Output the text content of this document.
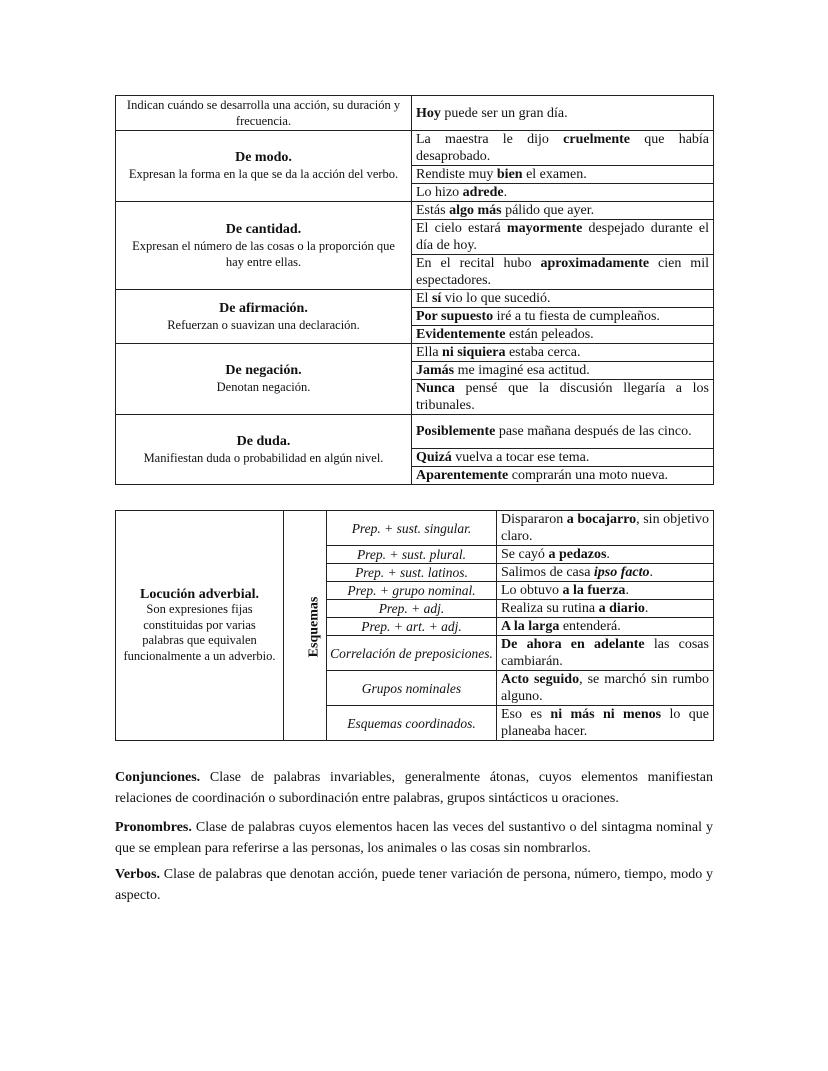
Indican cuándo se desarrolla una acción, su duración y frecuencia.	Hoy puede ser un gran día.

De modo.
Expresan la forma en la que se da la acción del verbo.	La maestra le dijo cruelmente que había desaprobado.
	Rendiste muy bien el examen.
	Lo hizo adrede.

De cantidad.
Expresan el número de las cosas o la proporción que hay entre ellas.	Estás algo más pálido que ayer.
	El cielo estará mayormente despejado durante el día de hoy.
	En el recital hubo aproximadamente cien mil espectadores.

De afirmación.
Refuerzan o suavizan una declaración.	El sí vio lo que sucedió.
	Por supuesto iré a tu fiesta de cumpleaños.
	Evidentemente están peleados.

De negación.
Denotan negación.	Ella ni siquiera estaba cerca.
	Jamás me imaginé esa actitud.
	Nunca pensé que la discusión llegaría a los tribunales.

De duda.
Manifiestan duda o probabilidad en algún nivel.	Posiblemente pase mañana después de las cinco.
	Quizá vuelva a tocar ese tema.
	Aparentemente comprarán una moto nueva.
Locución adverbial.
Son expresiones fijas constituidas por varias palabras que equivalen funcionalmente a un adverbio.	Esquemas	Prep. + sust. singular.	Dispararon a bocajarro, sin objetivo claro.
		Prep. + sust. plural.	Se cayó a pedazos.
		Prep. + sust. latinos.	Salimos de casa ipso facto.
		Prep. + grupo nominal.	Lo obtuvo a la fuerza.
		Prep. + adj.	Realiza su rutina a diario.
		Prep. + art. + adj.	A la larga entenderá.
		Correlación de preposiciones.	De ahora en adelante las cosas cambiarán.
		Grupos nominales	Acto seguido, se marchó sin rumbo alguno.
		Esquemas coordinados.	Eso es ni más ni menos lo que planeaba hacer.

Conjunciones. Clase de palabras invariables, generalmente átonas, cuyos elementos manifiestan relaciones de coordinación o subordinación entre palabras, grupos sintácticos u oraciones.

Pronombres. Clase de palabras cuyos elementos hacen las veces del sustantivo o del sintagma nominal y que se emplean para referirse a las personas, los animales o las cosas sin nombrarlos.

Verbos. Clase de palabras que denotan acción, puede tener variación de persona, número, tiempo, modo y aspecto.
